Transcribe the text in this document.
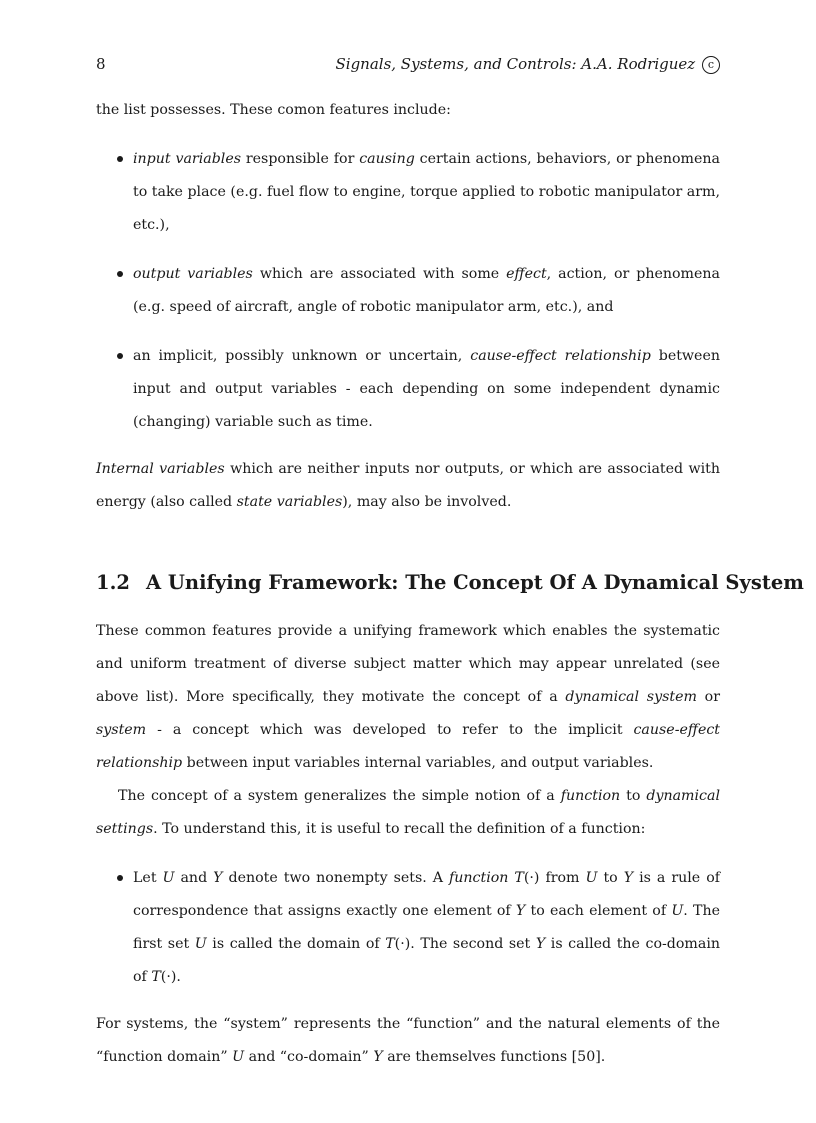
8	Signals, Systems, and Controls: A.A. Rodriguez c

the list possesses. These comon features include:

input variables responsible for causing certain actions, behaviors, or phenomena to take place (e.g. fuel flow to engine, torque applied to robotic manipulator arm, etc.),
output variables which are associated with some effect, action, or phenomena (e.g. speed of aircraft, angle of robotic manipulator arm, etc.), and
an implicit, possibly unknown or uncertain, cause-effect relationship between input and output variables - each depending on some independent dynamic (changing) variable such as time.

Internal variables which are neither inputs nor outputs, or which are associated with energy (also called state variables), may also be involved.

1.2 A Unifying Framework: The Concept Of A Dynamical System

These common features provide a unifying framework which enables the systematic and uniform treatment of diverse subject matter which may appear unrelated (see above list). More specifically, they motivate the concept of a dynamical system or system - a concept which was developed to refer to the implicit cause-effect relationship between input variables internal variables, and output variables.

The concept of a system generalizes the simple notion of a function to dynamical settings. To understand this, it is useful to recall the definition of a function:

Let U and Y denote two nonempty sets. A function T(·) from U to Y is a rule of correspondence that assigns exactly one element of Y to each element of U. The first set U is called the domain of T(·). The second set Y is called the co-domain of T(·).

For systems, the “system” represents the “function” and the natural elements of the “function domain” U and “co-domain” Y are themselves functions [50].
